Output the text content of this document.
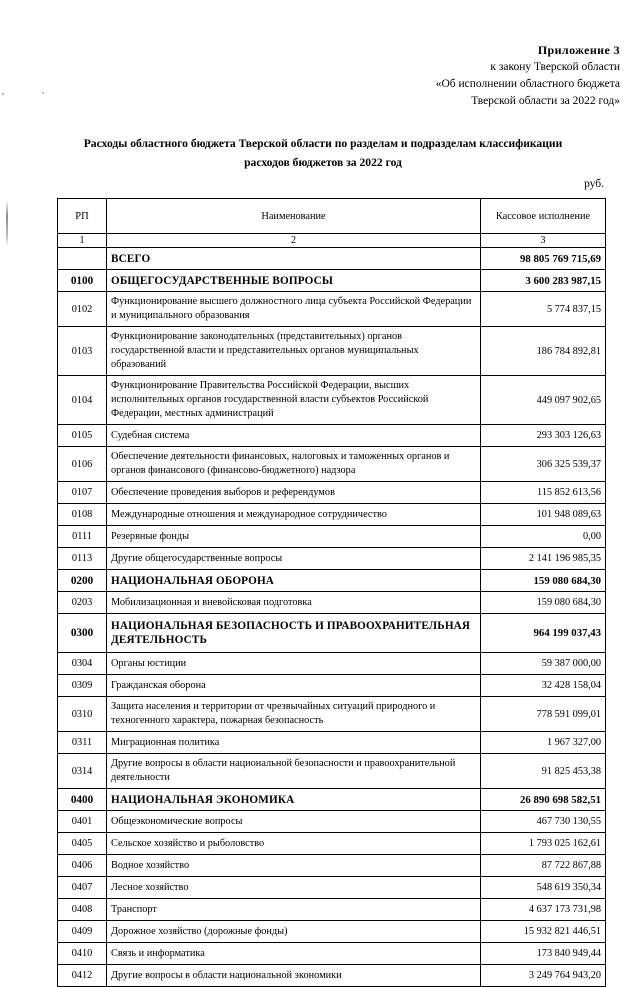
Приложение 3
к закону Тверской области
«Об исполнении областного бюджета
Тверской области за 2022 год»
Расходы областного бюджета Тверской области по разделам и подразделам классификации
расходов бюджетов за 2022 год
руб.
РП	Наименование	Кассовое исполнение
1	2	3
	ВСЕГО	98 805 769 715,69
0100	ОБЩЕГОСУДАРСТВЕННЫЕ ВОПРОСЫ	3 600 283 987,15
0102	Функционирование высшего должностного лица субъекта Российской Федерации и муниципального образования	5 774 837,15
0103	Функционирование законодательных (представительных) органов государственной власти и представительных органов муниципальных образований	186 784 892,81
0104	Функционирование Правительства Российской Федерации, высших исполнительных органов государственной власти субъектов Российской Федерации, местных администраций	449 097 902,65
0105	Судебная система	293 303 126,63
0106	Обеспечение деятельности финансовых, налоговых и таможенных органов и органов финансового (финансово-бюджетного) надзора	306 325 539,37
0107	Обеспечение проведения выборов и референдумов	115 852 613,56
0108	Международные отношения и международное сотрудничество	101 948 089,63
0111	Резервные фонды	0,00
0113	Другие общегосударственные вопросы	2 141 196 985,35
0200	НАЦИОНАЛЬНАЯ ОБОРОНА	159 080 684,30
0203	Мобилизационная и вневойсковая подготовка	159 080 684,30
0300	НАЦИОНАЛЬНАЯ БЕЗОПАСНОСТЬ И ПРАВООХРАНИТЕЛЬНАЯ ДЕЯТЕЛЬНОСТЬ	964 199 037,43
0304	Органы юстиции	59 387 000,00
0309	Гражданская оборона	32 428 158,04
0310	Защита населения и территории от чрезвычайных ситуаций природного и техногенного характера, пожарная безопасность	778 591 099,01
0311	Миграционная политика	1 967 327,00
0314	Другие вопросы в области национальной безопасности и правоохранительной деятельности	91 825 453,38
0400	НАЦИОНАЛЬНАЯ ЭКОНОМИКА	26 890 698 582,51
0401	Общеэкономические вопросы	467 730 130,55
0405	Сельское хозяйство и рыболовство	1 793 025 162,61
0406	Водное хозяйство	87 722 867,88
0407	Лесное хозяйство	548 619 350,34
0408	Транспорт	4 637 173 731,98
0409	Дорожное хозяйство (дорожные фонды)	15 932 821 446,51
0410	Связь и информатика	173 840 949,44
0412	Другие вопросы в области национальной экономики	3 249 764 943,20
